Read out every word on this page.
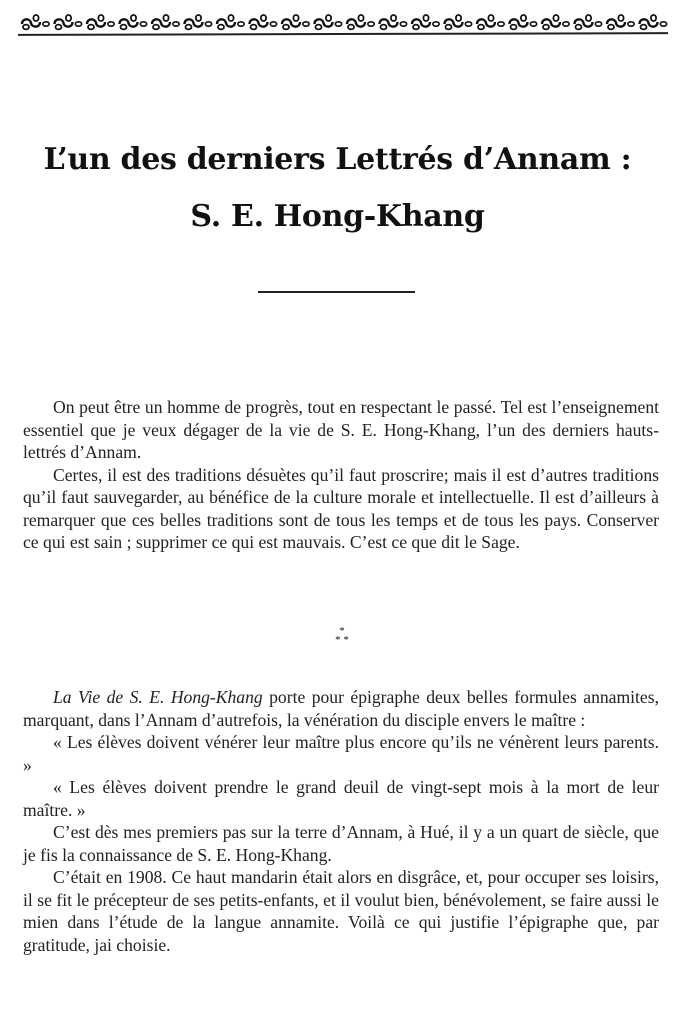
L’un des derniers Lettrés d’Annam :
S. E. Hong-Khang

On peut être un homme de progrès, tout en respectant le passé. Tel est l’enseignement essentiel que je veux dégager de la vie de S. E. Hong-Khang, l’un des derniers hauts-lettrés d’Annam.

Certes, il est des traditions désuètes qu’il faut proscrire; mais il est d’autres traditions qu’il faut sauvegarder, au bénéfice de la culture morale et intellectuelle. Il est d’ailleurs à remarquer que ces belles traditions sont de tous les temps et de tous les pays. Conserver ce qui est sain ; supprimer ce qui est mauvais. C’est ce que dit le Sage.

*
* *

La Vie de S. E. Hong-Khang porte pour épigraphe deux belles formules annamites, marquant, dans l’Annam d’autrefois, la vénération du disciple envers le maître :

« Les élèves doivent vénérer leur maître plus encore qu’ils ne vénèrent leurs parents. »

« Les élèves doivent prendre le grand deuil de vingt-sept mois à la mort de leur maître. »

C’est dès mes premiers pas sur la terre d’Annam, à Hué, il y a un quart de siècle, que je fis la connaissance de S. E. Hong-Khang.

C’était en 1908. Ce haut mandarin était alors en disgrâce, et, pour occuper ses loisirs, il se fit le précepteur de ses petits-enfants, et il voulut bien, bénévolement, se faire aussi le mien dans l’étude de la langue annamite. Voilà ce qui justifie l’épigraphe que, par gratitude, jai choisie.
